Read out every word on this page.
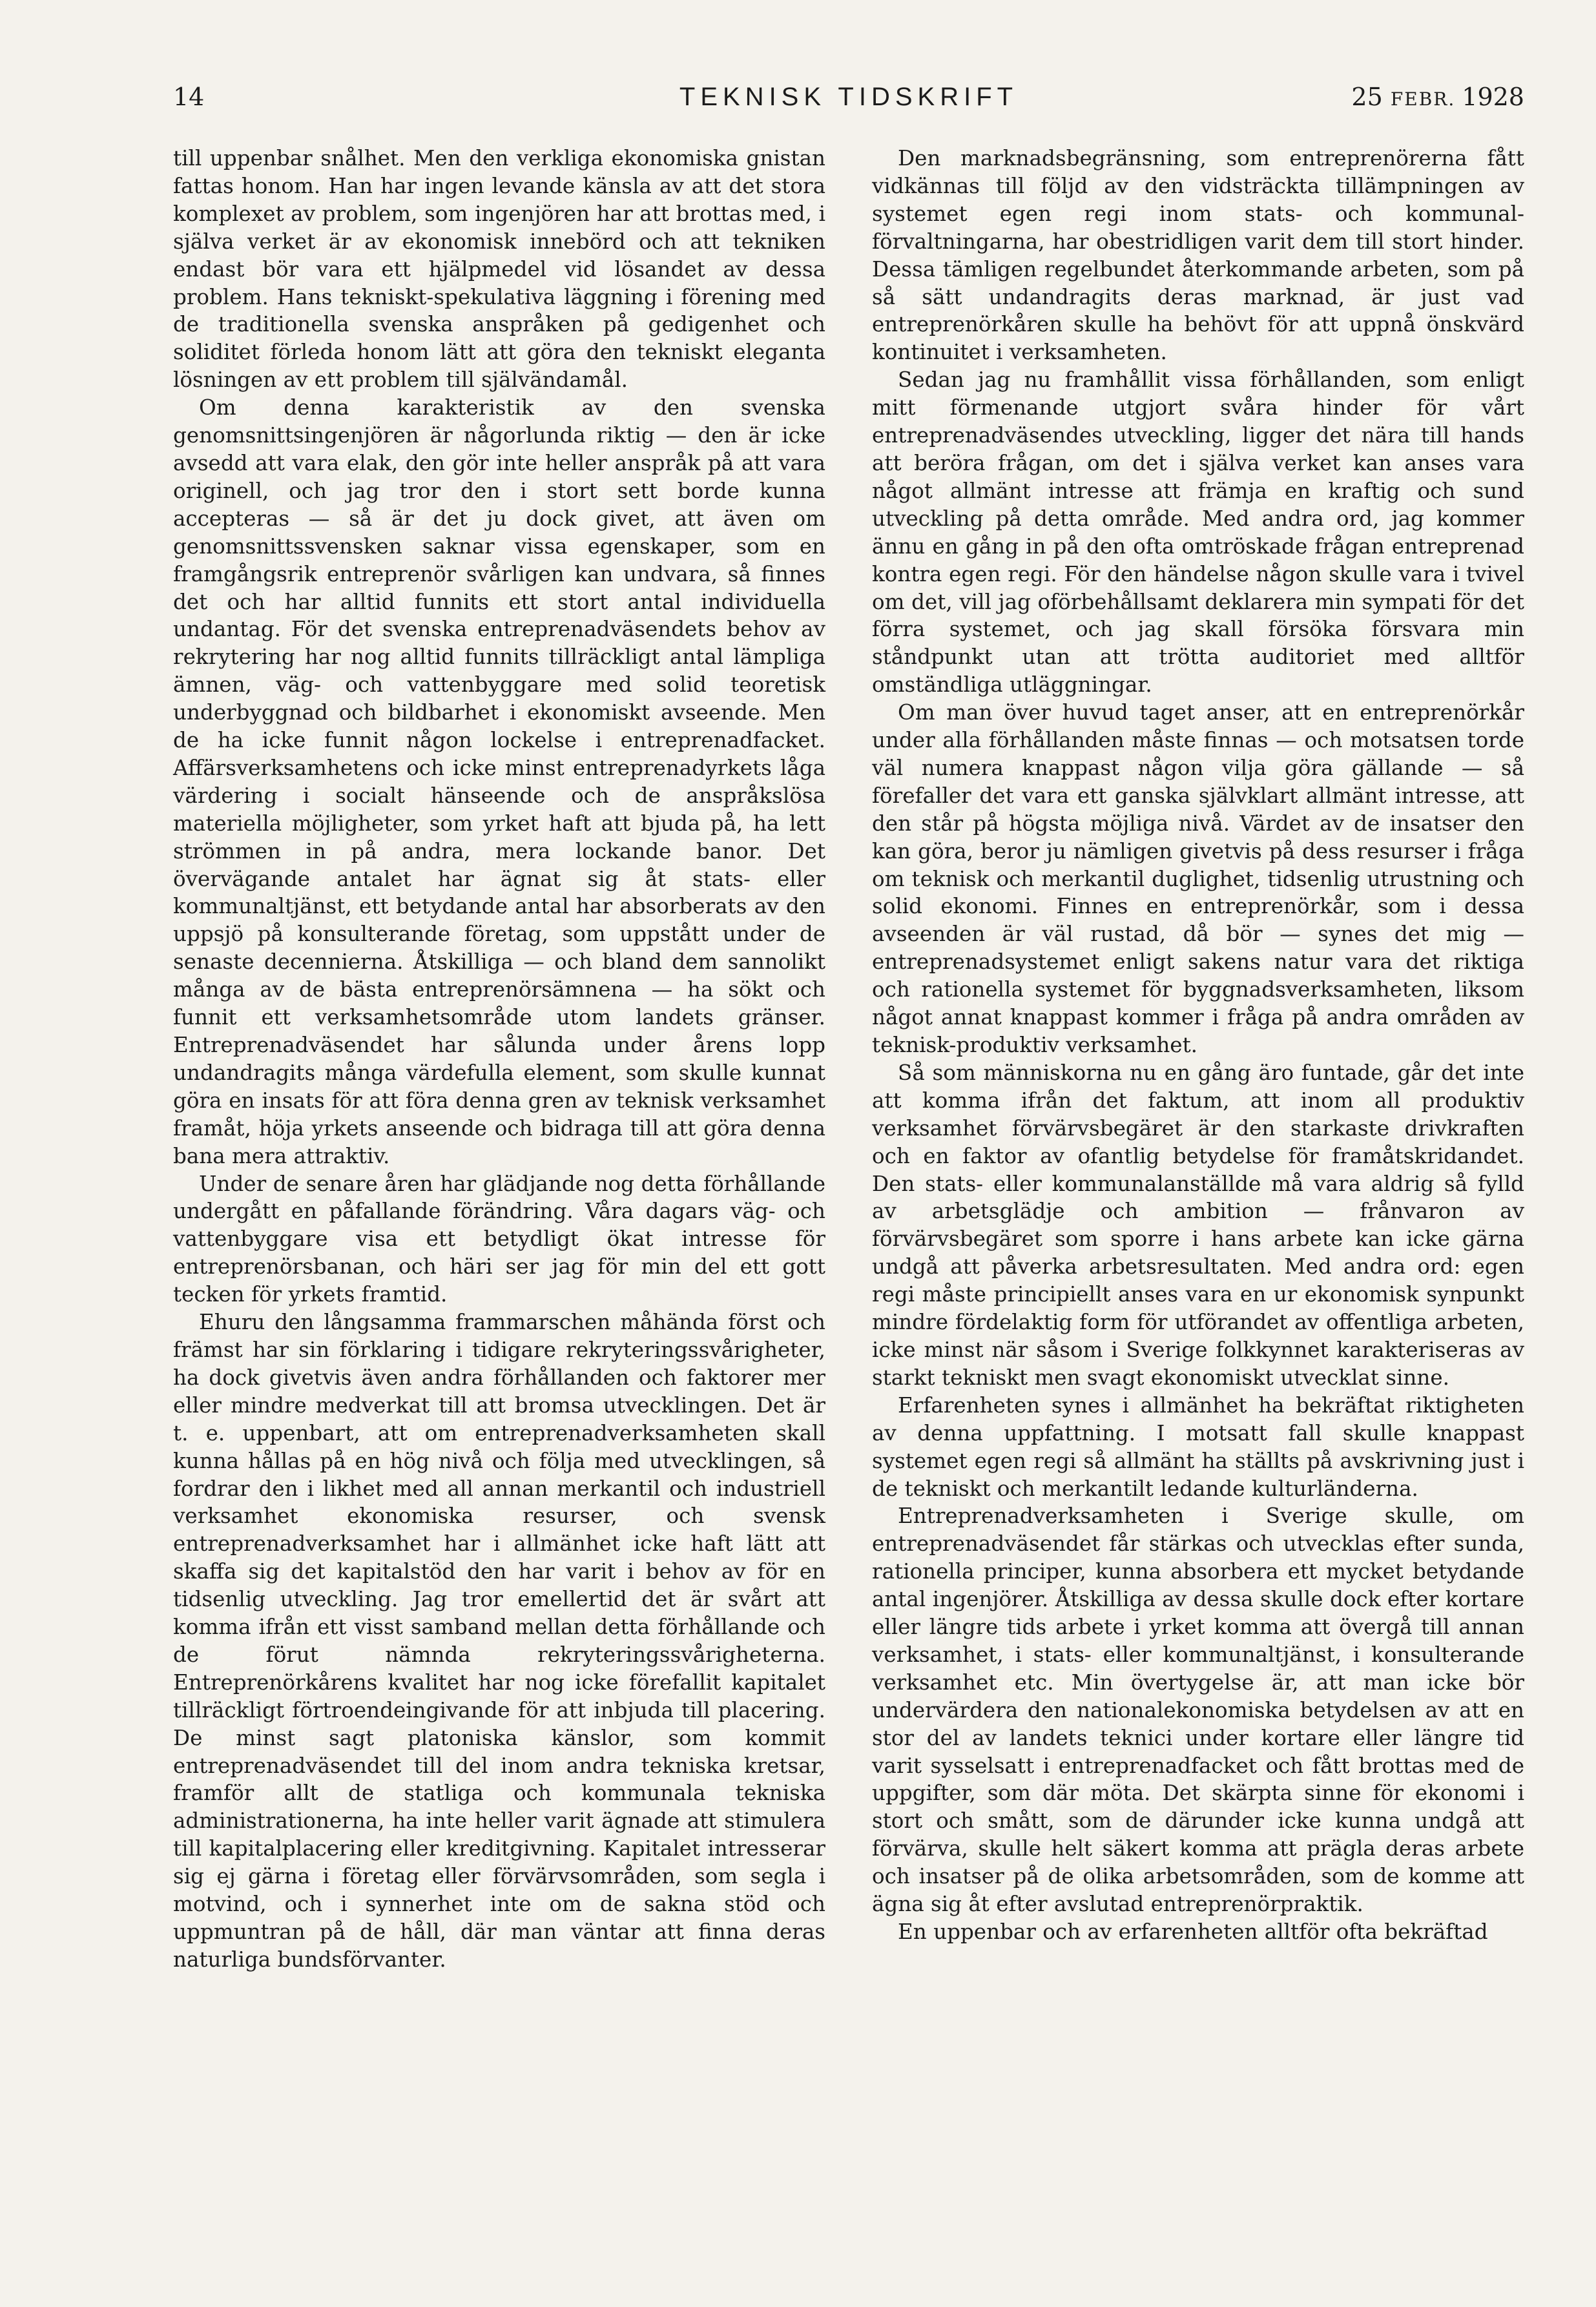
14	TEKNISK TIDSKRIFT	25 FEBR. 1928

till uppenbar snålhet. Men den verkliga ekonomiska gnistan fattas honom. Han har ingen levande känsla av att det stora komplexet av problem, som ingenjören har att brottas med, i själva verket är av ekonomisk innebörd och att tekniken endast bör vara ett hjälpmedel vid lösandet av dessa problem. Hans tekniskt-spekulativa läggning i förening med de traditionella svenska anspråken på gedigenhet och soliditet förleda honom lätt att göra den tekniskt eleganta lösningen av ett problem till självändamål.

Om denna karakteristik av den svenska genomsnittsingenjören är någorlunda riktig — den är icke avsedd att vara elak, den gör inte heller anspråk på att vara originell, och jag tror den i stort sett borde kunna accepteras — så är det ju dock givet, att även om genomsnittssvensken saknar vissa egenskaper, som en framgångsrik entreprenör svårligen kan undvara, så finnes det och har alltid funnits ett stort antal individuella undantag. För det svenska entreprenadväsendets behov av rekrytering har nog alltid funnits tillräckligt antal lämpliga ämnen, väg- och vattenbyggare med solid teoretisk underbyggnad och bildbarhet i ekonomiskt avseende. Men de ha icke funnit någon lockelse i entreprenadfacket. Affärsverksamhetens och icke minst entreprenadyrkets låga värdering i socialt hänseende och de anspråkslösa materiella möjligheter, som yrket haft att bjuda på, ha lett strömmen in på andra, mera lockande banor. Det övervägande antalet har ägnat sig åt stats- eller kommunaltjänst, ett betydande antal har absorberats av den uppsjö på konsulterande företag, som uppstått under de senaste decennierna. Åtskilliga — och bland dem sannolikt många av de bästa entreprenörsämnena — ha sökt och funnit ett verksamhetsområde utom landets gränser. Entreprenadväsendet har sålunda under årens lopp undandragits många värdefulla element, som skulle kunnat göra en insats för att föra denna gren av teknisk verksamhet framåt, höja yrkets anseende och bidraga till att göra denna bana mera attraktiv.

Under de senare åren har glädjande nog detta förhållande undergått en påfallande förändring. Våra dagars väg- och vattenbyggare visa ett betydligt ökat intresse för entreprenörsbanan, och häri ser jag för min del ett gott tecken för yrkets framtid.

Ehuru den långsamma frammarschen måhända först och främst har sin förklaring i tidigare rekryteringssvårigheter, ha dock givetvis även andra förhållanden och faktorer mer eller mindre medverkat till att bromsa utvecklingen. Det är t. e. uppenbart, att om entreprenadverksamheten skall kunna hållas på en hög nivå och följa med utvecklingen, så fordrar den i likhet med all annan merkantil och industriell verksamhet ekonomiska resurser, och svensk entreprenadverksamhet har i allmänhet icke haft lätt att skaffa sig det kapitalstöd den har varit i behov av för en tidsenlig utveckling. Jag tror emellertid det är svårt att komma ifrån ett visst samband mellan detta förhållande och de förut nämnda rekryteringssvårigheterna. Entreprenörkårens kvalitet har nog icke förefallit kapitalet tillräckligt förtroendeingivande för att inbjuda till placering. De minst sagt platoniska känslor, som kommit entreprenadväsendet till del inom andra tekniska kretsar, framför allt de statliga och kommunala tekniska administrationerna, ha inte heller varit ägnade att stimulera till kapitalplacering eller kreditgivning. Kapitalet intresserar sig ej gärna i företag eller förvärvsområden, som segla i motvind, och i synnerhet inte om de sakna stöd och uppmuntran på de håll, där man väntar att finna deras naturliga bundsförvanter.

Den marknadsbegränsning, som entreprenörerna fått vidkännas till följd av den vidsträckta tillämpningen av systemet egen regi inom stats- och kommunal-förvaltningarna, har obestridligen varit dem till stort hinder. Dessa tämligen regelbundet återkommande arbeten, som på så sätt undandragits deras marknad, är just vad entreprenörkåren skulle ha behövt för att uppnå önskvärd kontinuitet i verksamheten.

Sedan jag nu framhållit vissa förhållanden, som enligt mitt förmenande utgjort svåra hinder för vårt entreprenadväsendes utveckling, ligger det nära till hands att beröra frågan, om det i själva verket kan anses vara något allmänt intresse att främja en kraftig och sund utveckling på detta område. Med andra ord, jag kommer ännu en gång in på den ofta omtröskade frågan entreprenad kontra egen regi. För den händelse någon skulle vara i tvivel om det, vill jag oförbehållsamt deklarera min sympati för det förra systemet, och jag skall försöka försvara min ståndpunkt utan att trötta auditoriet med alltför omständliga utläggningar.

Om man över huvud taget anser, att en entreprenörkår under alla förhållanden måste finnas — och motsatsen torde väl numera knappast någon vilja göra gällande — så förefaller det vara ett ganska självklart allmänt intresse, att den står på högsta möjliga nivå. Värdet av de insatser den kan göra, beror ju nämligen givetvis på dess resurser i fråga om teknisk och merkantil duglighet, tidsenlig utrustning och solid ekonomi. Finnes en entreprenörkår, som i dessa avseenden är väl rustad, då bör — synes det mig — entreprenadsystemet enligt sakens natur vara det riktiga och rationella systemet för byggnadsverksamheten, liksom något annat knappast kommer i fråga på andra områden av teknisk-produktiv verksamhet.

Så som människorna nu en gång äro funtade, går det inte att komma ifrån det faktum, att inom all produktiv verksamhet förvärvsbegäret är den starkaste drivkraften och en faktor av ofantlig betydelse för framåtskridandet. Den stats- eller kommunalanställde må vara aldrig så fylld av arbetsglädje och ambition — frånvaron av förvärvsbegäret som sporre i hans arbete kan icke gärna undgå att påverka arbetsresultaten. Med andra ord: egen regi måste principiellt anses vara en ur ekonomisk synpunkt mindre fördelaktig form för utförandet av offentliga arbeten, icke minst när såsom i Sverige folkkynnet karakteriseras av starkt tekniskt men svagt ekonomiskt utvecklat sinne.

Erfarenheten synes i allmänhet ha bekräftat riktigheten av denna uppfattning. I motsatt fall skulle knappast systemet egen regi så allmänt ha ställts på avskrivning just i de tekniskt och merkantilt ledande kulturländerna.

Entreprenadverksamheten i Sverige skulle, om entreprenadväsendet får stärkas och utvecklas efter sunda, rationella principer, kunna absorbera ett mycket betydande antal ingenjörer. Åtskilliga av dessa skulle dock efter kortare eller längre tids arbete i yrket komma att övergå till annan verksamhet, i stats- eller kommunaltjänst, i konsulterande verksamhet etc. Min övertygelse är, att man icke bör undervärdera den nationalekonomiska betydelsen av att en stor del av landets teknici under kortare eller längre tid varit sysselsatt i entreprenadfacket och fått brottas med de uppgifter, som där möta. Det skärpta sinne för ekonomi i stort och smått, som de därunder icke kunna undgå att förvärva, skulle helt säkert komma att präglа deras arbete och insatser på de olika arbetsområden, som de komme att ägna sig åt efter avslutad entreprenörpraktik.

En uppenbar och av erfarenheten alltför ofta bekräftad
